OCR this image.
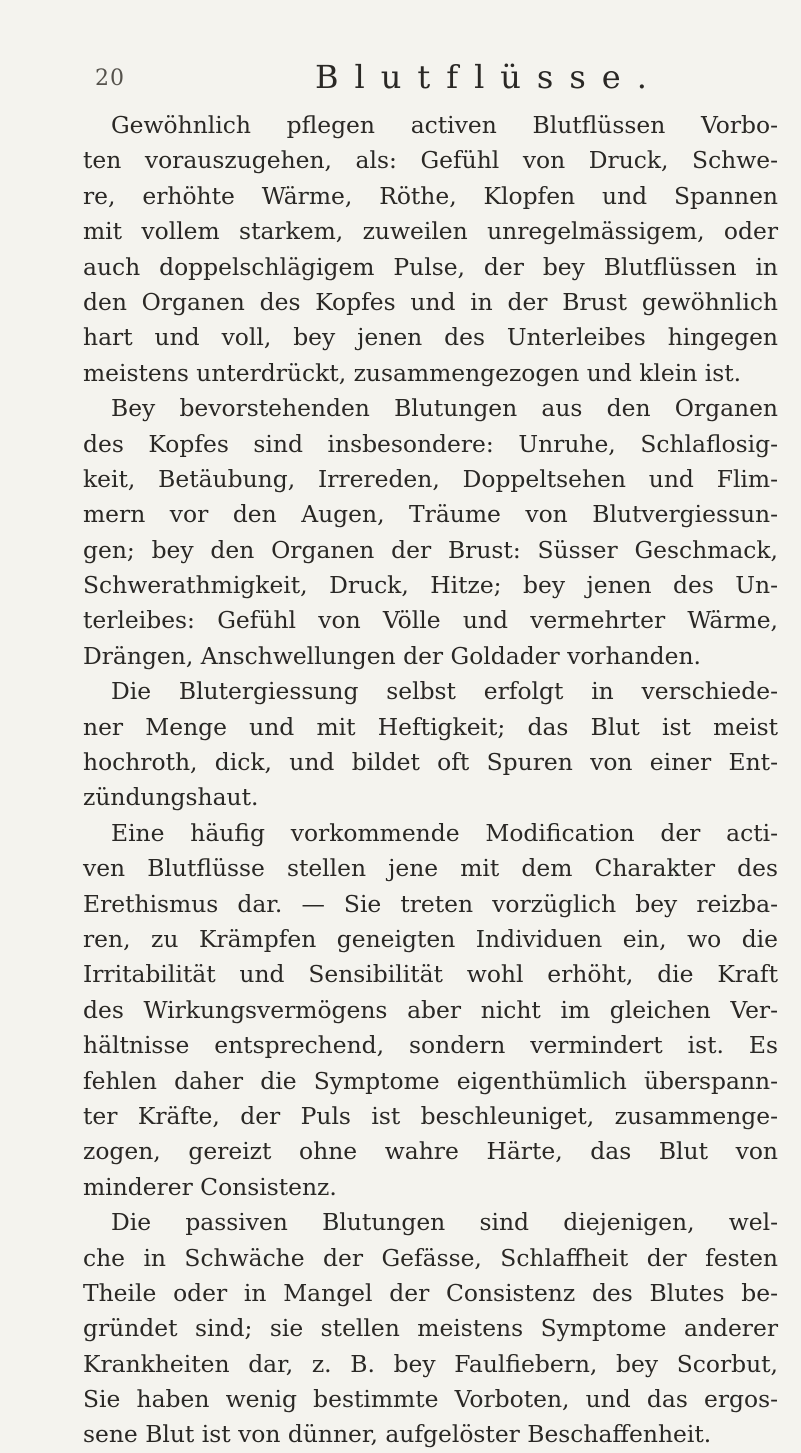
20	Blutflüsse.
Gewöhnlich pflegen activen Blutflüssen Vorbo-
ten vorauszugehen, als: Gefühl von Druck, Schwe-
re, erhöhte Wärme, Röthe, Klopfen und Spannen
mit vollem starkem, zuweilen unregelmässigem, oder
auch doppelschlägigem Pulse, der bey Blutflüssen in
den Organen des Kopfes und in der Brust gewöhnlich
hart und voll, bey jenen des Unterleibes hingegen
meistens unterdrückt, zusammengezogen und klein ist.
Bey bevorstehenden Blutungen aus den Organen
des Kopfes sind insbesondere: Unruhe, Schlaflosig-
keit, Betäubung, Irrereden, Doppeltsehen und Flim-
mern vor den Augen, Träume von Blutvergiessun-
gen; bey den Organen der Brust: Süsser Geschmack,
Schwerathmigkeit, Druck, Hitze; bey jenen des Un-
terleibes: Gefühl von Völle und vermehrter Wärme,
Drängen, Anschwellungen der Goldader vorhanden.
Die Blutergiessung selbst erfolgt in verschiede-
ner Menge und mit Heftigkeit; das Blut ist meist
hochroth, dick, und bildet oft Spuren von einer Ent-
zündungshaut.
Eine häufig vorkommende Modification der acti-
ven Blutflüsse stellen jene mit dem Charakter des
Erethismus dar. — Sie treten vorzüglich bey reizba-
ren, zu Krämpfen geneigten Individuen ein, wo die
Irritabilität und Sensibilität wohl erhöht, die Kraft
des Wirkungsvermögens aber nicht im gleichen Ver-
hältnisse entsprechend, sondern vermindert ist. Es
fehlen daher die Symptome eigenthümlich überspann-
ter Kräfte, der Puls ist beschleuniget, zusammenge-
zogen, gereizt ohne wahre Härte, das Blut von
minderer Consistenz.
Die passiven Blutungen sind diejenigen, wel-
che in Schwäche der Gefässe, Schlaffheit der festen
Theile oder in Mangel der Consistenz des Blutes be-
gründet sind; sie stellen meistens Symptome anderer
Krankheiten dar, z. B. bey Faulfiebern, bey Scorbut,
Sie haben wenig bestimmte Vorboten, und das ergos-
sene Blut ist von dünner, aufgelöster Beschaffenheit.
